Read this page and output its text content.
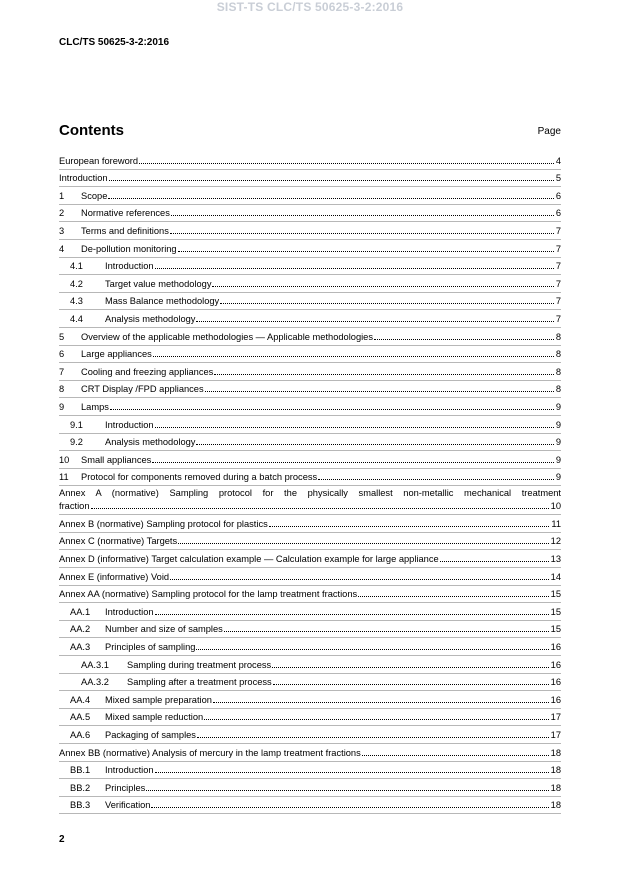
SIST-TS CLC/TS 50625-3-2:2016
CLC/TS 50625-3-2:2016
Contents	Page
European foreword	4
Introduction	5
1	Scope	6
2	Normative references	6
3	Terms and definitions	7
4	De-pollution monitoring	7
4.1	Introduction	7
4.2	Target value methodology	7
4.3	Mass Balance methodology	7
4.4	Analysis methodology	7
5	Overview of the applicable methodologies — Applicable methodologies	8
6	Large appliances	8
7	Cooling and freezing appliances	8
8	CRT Display /FPD appliances	8
9	Lamps	9
9.1	Introduction	9
9.2	Analysis methodology	9
10	Small appliances	9
11	Protocol for components removed during a batch process	9
Annex A (normative) Sampling protocol for the physically smallest non-metallic mechanical treatment
fraction	10
Annex B (normative) Sampling protocol for plastics	11
Annex C (normative) Targets	12
Annex D (informative) Target calculation example — Calculation example for large appliance	13
Annex E (informative) Void	14
Annex AA (normative) Sampling protocol for the lamp treatment fractions	15
AA.1	Introduction	15
AA.2	Number and size of samples	15
AA.3	Principles of sampling	16
AA.3.1	Sampling during treatment process	16
AA.3.2	Sampling after a treatment process	16
AA.4	Mixed sample preparation	16
AA.5	Mixed sample reduction	17
AA.6	Packaging of samples	17
Annex BB (normative) Analysis of mercury in the lamp treatment fractions	18
BB.1	Introduction	18
BB.2	Principles	18
BB.3	Verification	18
2
